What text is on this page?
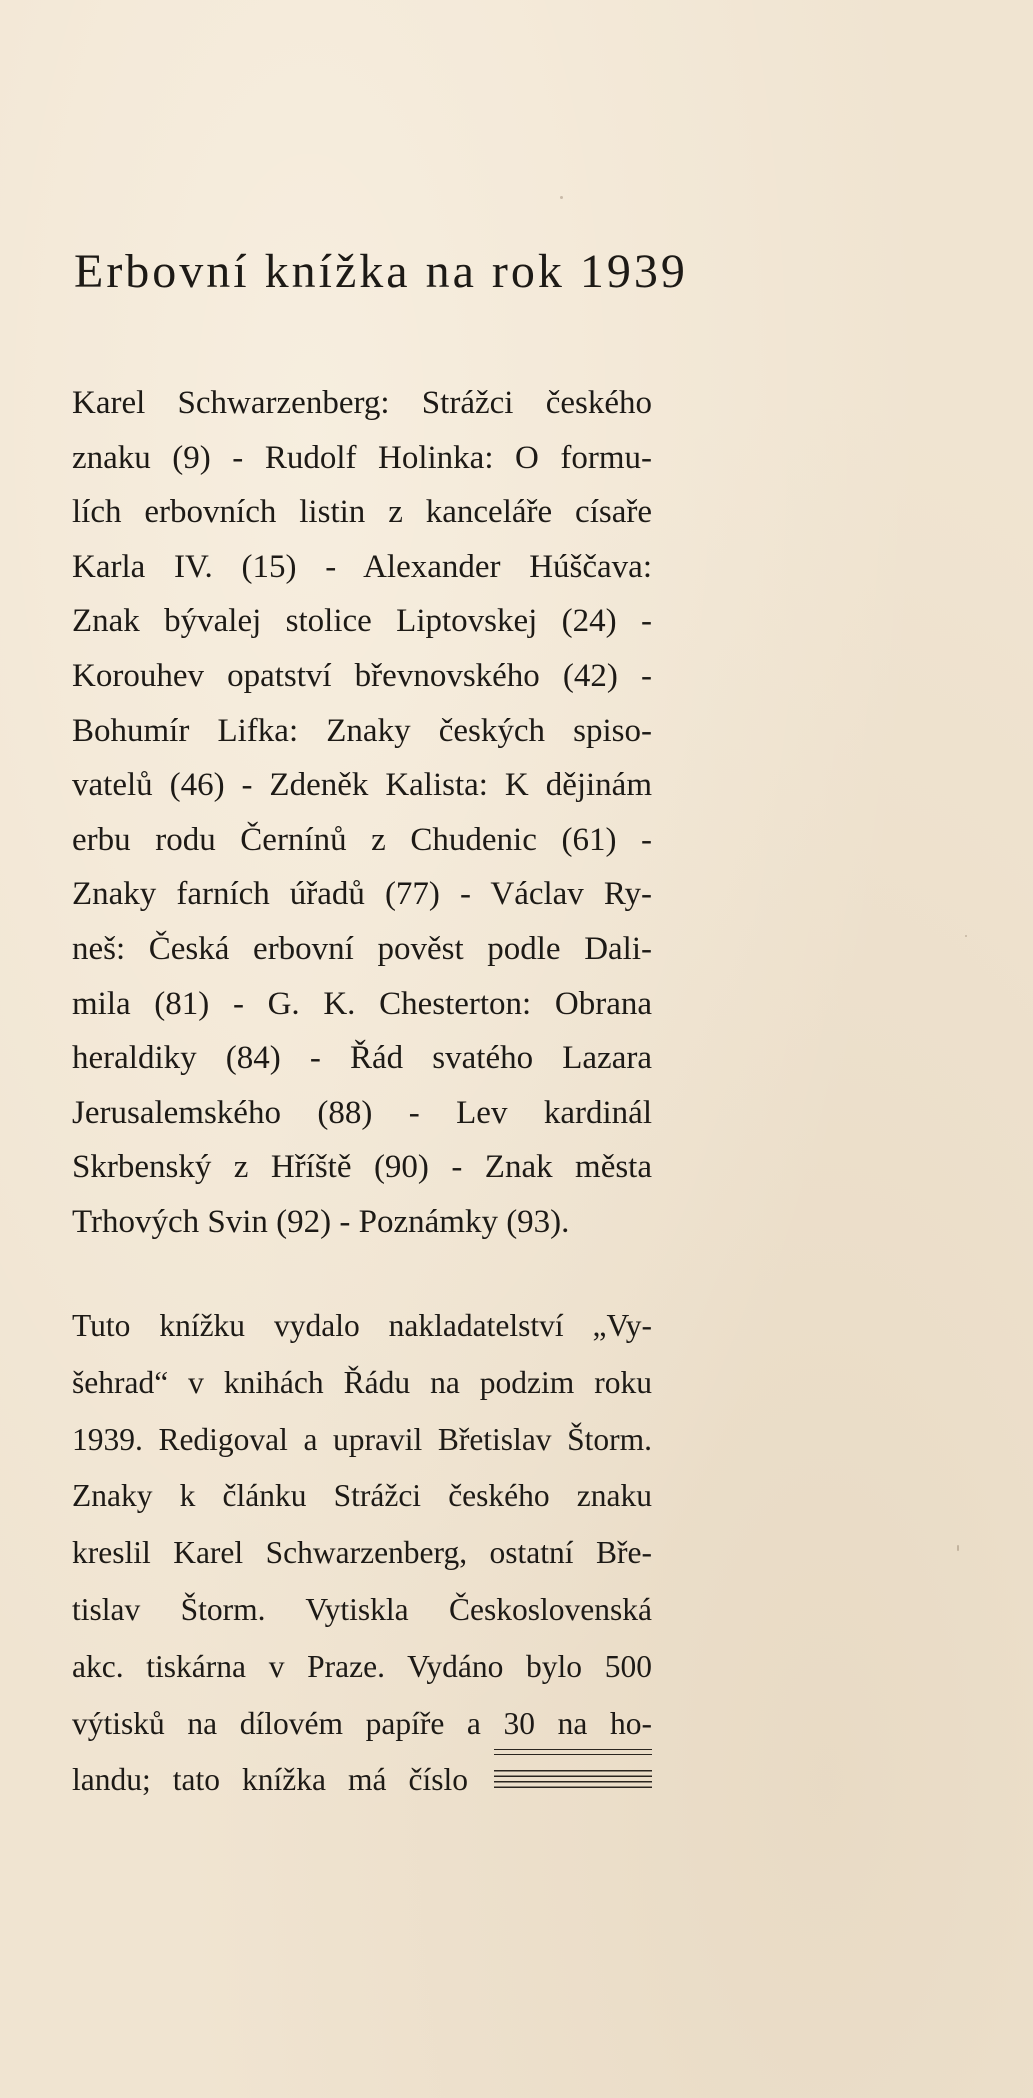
Erbovní knížka na rok 1939
Karel Schwarzenberg: Strážci českého
znaku (9) - Rudolf Holinka: O formu-
lích erbovních listin z kanceláře císaře
Karla IV. (15) - Alexander Húščava:
Znak bývalej stolice Liptovskej (24) -
Korouhev opatství břevnovského (42) -
Bohumír Lifka: Znaky českých spiso-
vatelů (46) - Zdeněk Kalista: K dějinám
erbu rodu Černínů z Chudenic (61) -
Znaky farních úřadů (77) - Václav Ry-
neš: Česká erbovní pověst podle Dali-
mila (81) - G. K. Chesterton: Obrana
heraldiky (84) - Řád svatého Lazara
Jerusalemského (88) - Lev kardinál
Skrbenský z Hříště (90) - Znak města
Trhových Svin (92) - Poznámky (93).
Tuto knížku vydalo nakladatelství „Vy-
šehrad“ v knihách Řádu na podzim roku
1939. Redigoval a upravil Břetislav Štorm.
Znaky k článku Strážci českého znaku
kreslil Karel Schwarzenberg, ostatní Bře-
tislav Štorm. Vytiskla Československá
akc. tiskárna v Praze. Vydáno bylo 500
výtisků na dílovém papíře a 30 na ho-
landu; tato knížka má číslo
